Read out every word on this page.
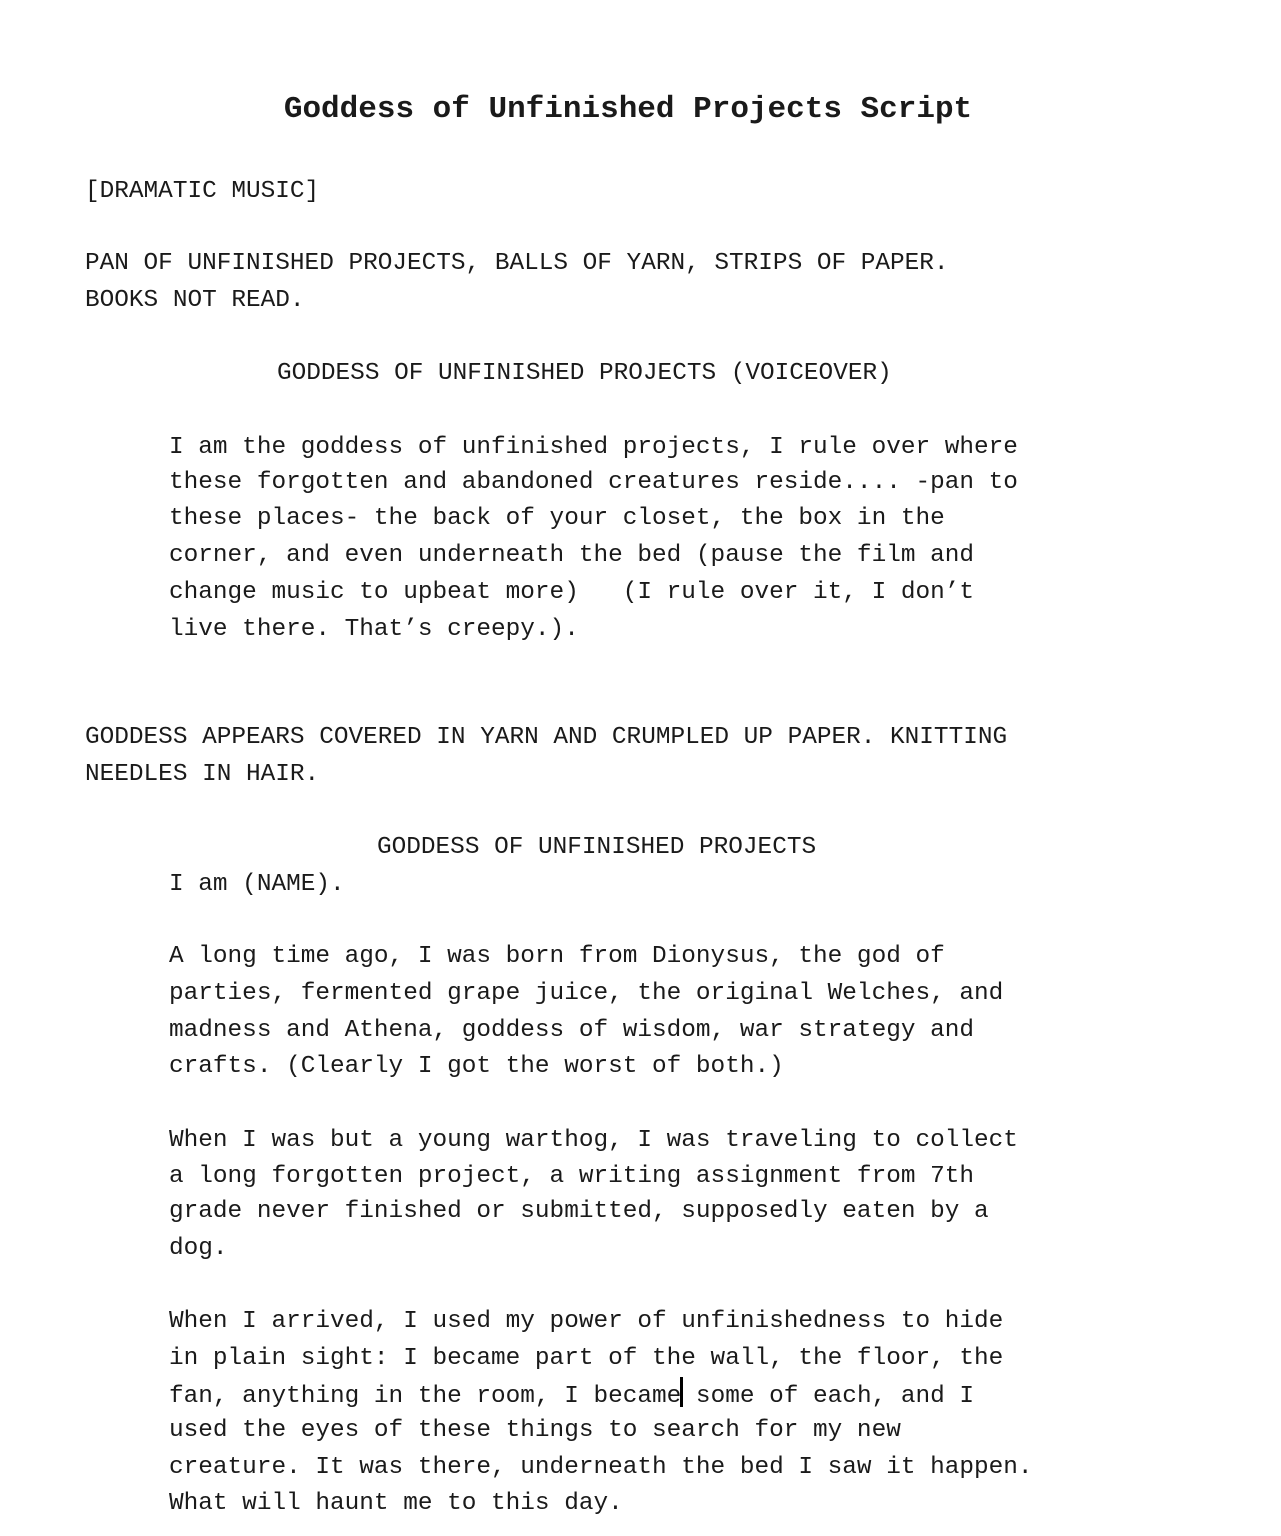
Goddess of Unfinished Projects Script
[DRAMATIC MUSIC]
PAN OF UNFINISHED PROJECTS, BALLS OF YARN, STRIPS OF PAPER.
BOOKS NOT READ.
GODDESS OF UNFINISHED PROJECTS (VOICEOVER)
I am the goddess of unfinished projects, I rule over where
these forgotten and abandoned creatures reside.... -pan to
these places- the back of your closet, the box in the
corner, and even underneath the bed (pause the film and
change music to upbeat more)   (I rule over it, I don’t
live there. That’s creepy.).
GODDESS APPEARS COVERED IN YARN AND CRUMPLED UP PAPER. KNITTING
NEEDLES IN HAIR.
GODDESS OF UNFINISHED PROJECTS
I am (NAME).
A long time ago, I was born from Dionysus, the god of
parties, fermented grape juice, the original Welches, and
madness and Athena, goddess of wisdom, war strategy and
crafts. (Clearly I got the worst of both.)
When I was but a young warthog, I was traveling to collect
a long forgotten project, a writing assignment from 7th
grade never finished or submitted, supposedly eaten by a
dog.
When I arrived, I used my power of unfinishedness to hide
in plain sight: I became part of the wall, the floor, the
fan, anything in the room, I became some of each, and I
used the eyes of these things to search for my new
creature. It was there, underneath the bed I saw it happen.
What will haunt me to this day.
